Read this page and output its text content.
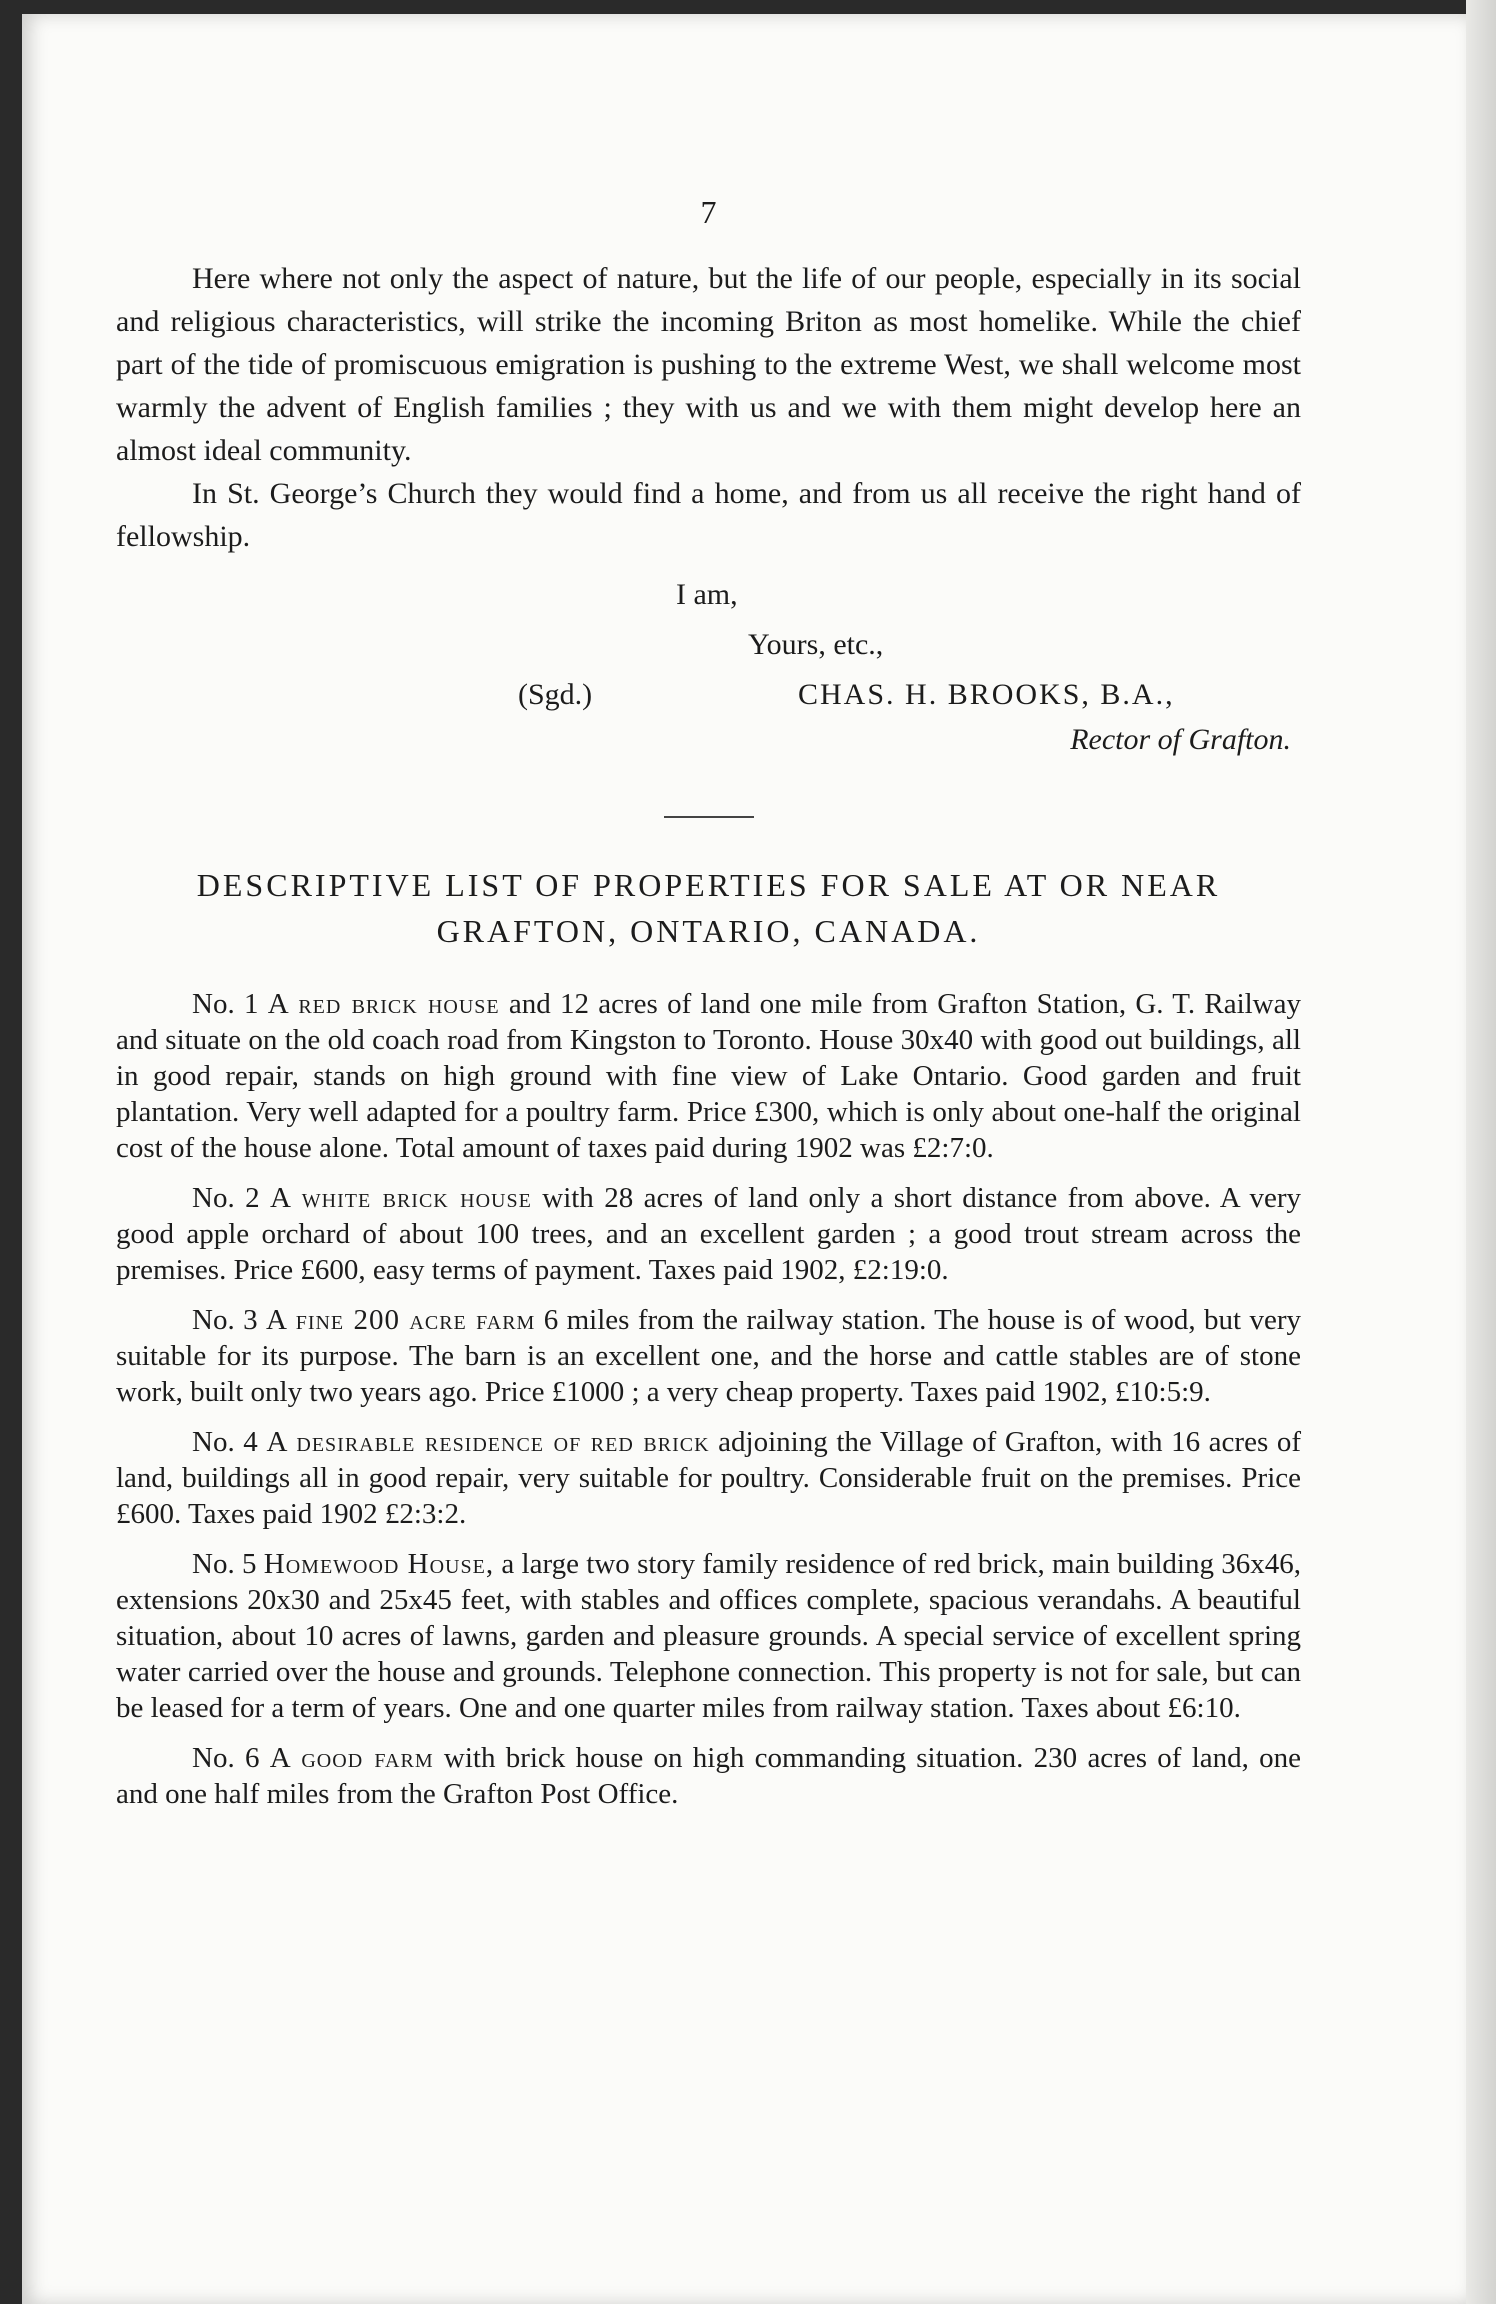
7

Here where not only the aspect of nature, but the life of our people, especially in its social and religious characteristics, will strike the incoming Briton as most homelike. While the chief part of the tide of promiscuous emigration is pushing to the extreme West, we shall welcome most warmly the advent of English families ; they with us and we with them might develop here an almost ideal community.

In St. George’s Church they would find a home, and from us all receive the right hand of fellowship.

I am,
Yours, etc.,
(Sgd.)	CHAS. H. BROOKS, B.A.,
Rector of Grafton.
DESCRIPTIVE LIST OF PROPERTIES FOR SALE AT OR NEAR
GRAFTON, ONTARIO, CANADA.

No. 1 A red brick house and 12 acres of land one mile from Grafton Station, G. T. Railway and situate on the old coach road from Kingston to Toronto. House 30x40 with good out buildings, all in good repair, stands on high ground with fine view of Lake Ontario. Good garden and fruit plantation. Very well adapted for a poultry farm. Price £300, which is only about one-half the original cost of the house alone. Total amount of taxes paid during 1902 was £2:7:0.

No. 2 A white brick house with 28 acres of land only a short distance from above. A very good apple orchard of about 100 trees, and an excellent garden ; a good trout stream across the premises. Price £600, easy terms of payment. Taxes paid 1902, £2:19:0.

No. 3 A fine 200 acre farm 6 miles from the railway station. The house is of wood, but very suitable for its purpose. The barn is an excellent one, and the horse and cattle stables are of stone work, built only two years ago. Price £1000 ; a very cheap property. Taxes paid 1902, £10:5:9.

No. 4 A desirable residence of red brick adjoining the Village of Grafton, with 16 acres of land, buildings all in good repair, very suitable for poultry. Considerable fruit on the premises. Price £600. Taxes paid 1902 £2:3:2.

No. 5 Homewood House, a large two story family residence of red brick, main building 36x46, extensions 20x30 and 25x45 feet, with stables and offices complete, spacious verandahs. A beautiful situation, about 10 acres of lawns, garden and pleasure grounds. A special service of excellent spring water carried over the house and grounds. Telephone connection. This property is not for sale, but can be leased for a term of years. One and one quarter miles from railway station. Taxes about £6:10.

No. 6 A good farm with brick house on high commanding situation. 230 acres of land, one and one half miles from the Grafton Post Office.
